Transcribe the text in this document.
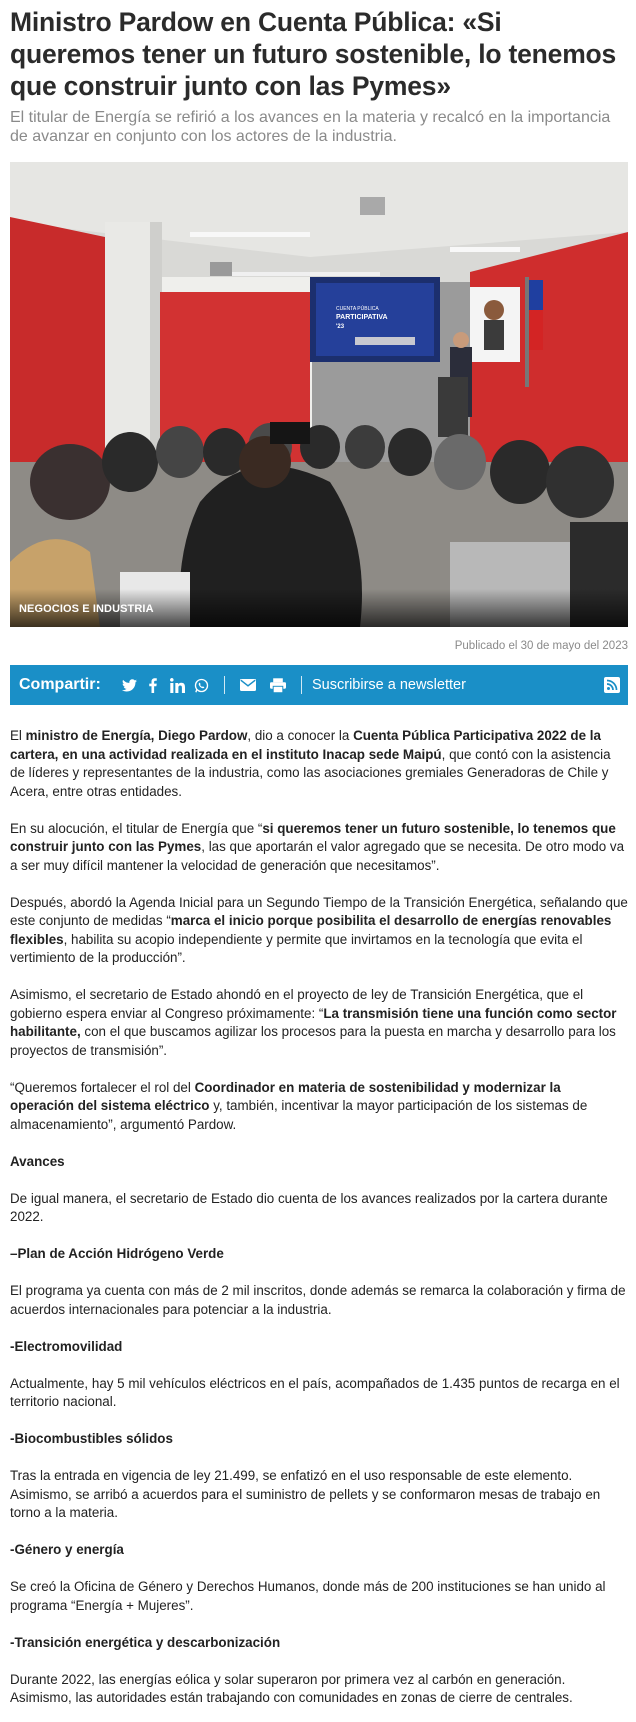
Ministro Pardow en Cuenta Pública: «Si queremos tener un futuro sostenible, lo tenemos que construir junto con las Pymes»
El titular de Energía se refirió a los avances en la materia y recalcó en la importancia de avanzar en conjunto con los actores de la industria.
CUENTA PÚBLICA
PARTICIPATIVA
'23
NEGOCIOS E INDUSTRIA
Publicado el 30 de mayo del 2023
Compartir:	Suscribirse a newsletter

El ministro de Energía, Diego Pardow, dio a conocer la Cuenta Pública Participativa 2022 de la cartera, en una actividad realizada en el instituto Inacap sede Maipú, que contó con la asistencia de líderes y representantes de la industria, como las asociaciones gremiales Generadoras de Chile y Acera, entre otras entidades.

En su alocución, el titular de Energía que “si queremos tener un futuro sostenible, lo tenemos que construir junto con las Pymes, las que aportarán el valor agregado que se necesita. De otro modo va a ser muy difícil mantener la velocidad de generación que necesitamos”.

Después, abordó la Agenda Inicial para un Segundo Tiempo de la Transición Energética, señalando que este conjunto de medidas “marca el inicio porque posibilita el desarrollo de energías renovables flexibles, habilita su acopio independiente y permite que invirtamos en la tecnología que evita el vertimiento de la producción”.

Asimismo, el secretario de Estado ahondó en el proyecto de ley de Transición Energética, que el gobierno espera enviar al Congreso próximamente: “La transmisión tiene una función como sector habilitante, con el que buscamos agilizar los procesos para la puesta en marcha y desarrollo para los proyectos de transmisión”.

“Queremos fortalecer el rol del Coordinador en materia de sostenibilidad y modernizar la operación del sistema eléctrico y, también, incentivar la mayor participación de los sistemas de almacenamiento”, argumentó Pardow.

Avances

De igual manera, el secretario de Estado dio cuenta de los avances realizados por la cartera durante 2022.

–Plan de Acción Hidrógeno Verde

El programa ya cuenta con más de 2 mil inscritos, donde además se remarca la colaboración y firma de acuerdos internacionales para potenciar a la industria.

-Electromovilidad

Actualmente, hay 5 mil vehículos eléctricos en el país, acompañados de 1.435 puntos de recarga en el territorio nacional.

-Biocombustibles sólidos

Tras la entrada en vigencia de ley 21.499, se enfatizó en el uso responsable de este elemento. Asimismo, se arribó a acuerdos para el suministro de pellets y se conformaron mesas de trabajo en torno a la materia.

-Género y energía

Se creó la Oficina de Género y Derechos Humanos, donde más de 200 instituciones se han unido al programa “Energía + Mujeres”.

-Transición energética y descarbonización

Durante 2022, las energías eólica y solar superaron por primera vez al carbón en generación. Asimismo, las autoridades están trabajando con comunidades en zonas de cierre de centrales.
